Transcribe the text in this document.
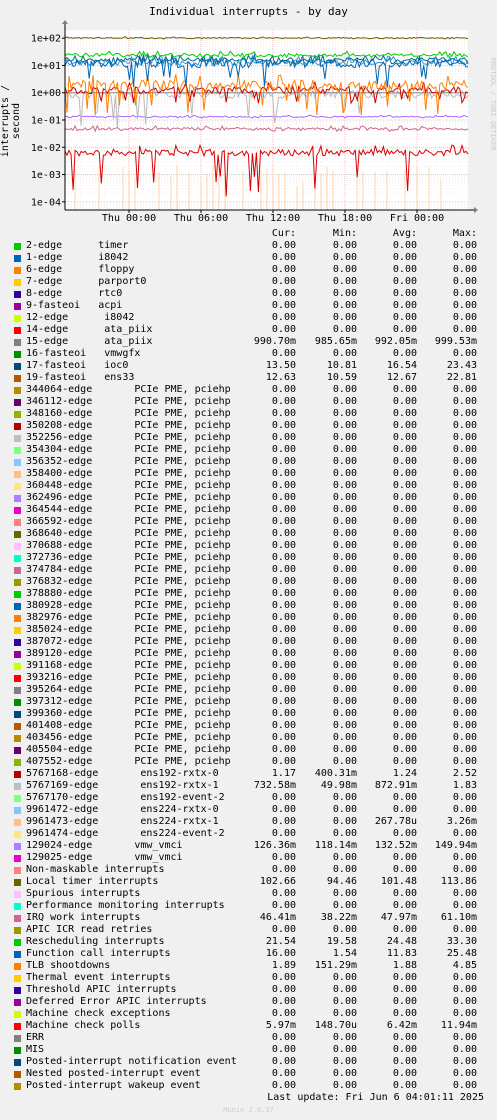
Individual interrupts - by day
interrupts / second	RRDTOOL / TOBI OETIKER
1e+02
1e+01
1e+00
1e-01
1e-02
1e-03
1e-04
Thu 00:00 Thu 06:00 Thu 12:00 Thu 18:00 Fri 00:00
Cur:	Min:	Avg:	Max:
2-edge      timer	0.00	0.00	0.00	0.00
1-edge      i8042	0.00	0.00	0.00	0.00
6-edge      floppy	0.00	0.00	0.00	0.00
7-edge      parport0	0.00	0.00	0.00	0.00
8-edge      rtc0	0.00	0.00	0.00	0.00
9-fasteoi   acpi	0.00	0.00	0.00	0.00
12-edge      i8042	0.00	0.00	0.00	0.00
14-edge      ata_piix	0.00	0.00	0.00	0.00
15-edge      ata_piix	990.70m	985.65m	992.05m	999.53m
16-fasteoi   vmwgfx	0.00	0.00	0.00	0.00
17-fasteoi   ioc0	13.50	10.81	16.54	23.43
19-fasteoi   ens33	12.63	10.59	12.67	22.81
344064-edge       PCIe PME, pciehp	0.00	0.00	0.00	0.00
346112-edge       PCIe PME, pciehp	0.00	0.00	0.00	0.00
348160-edge       PCIe PME, pciehp	0.00	0.00	0.00	0.00
350208-edge       PCIe PME, pciehp	0.00	0.00	0.00	0.00
352256-edge       PCIe PME, pciehp	0.00	0.00	0.00	0.00
354304-edge       PCIe PME, pciehp	0.00	0.00	0.00	0.00
356352-edge       PCIe PME, pciehp	0.00	0.00	0.00	0.00
358400-edge       PCIe PME, pciehp	0.00	0.00	0.00	0.00
360448-edge       PCIe PME, pciehp	0.00	0.00	0.00	0.00
362496-edge       PCIe PME, pciehp	0.00	0.00	0.00	0.00
364544-edge       PCIe PME, pciehp	0.00	0.00	0.00	0.00
366592-edge       PCIe PME, pciehp	0.00	0.00	0.00	0.00
368640-edge       PCIe PME, pciehp	0.00	0.00	0.00	0.00
370688-edge       PCIe PME, pciehp	0.00	0.00	0.00	0.00
372736-edge       PCIe PME, pciehp	0.00	0.00	0.00	0.00
374784-edge       PCIe PME, pciehp	0.00	0.00	0.00	0.00
376832-edge       PCIe PME, pciehp	0.00	0.00	0.00	0.00
378880-edge       PCIe PME, pciehp	0.00	0.00	0.00	0.00
380928-edge       PCIe PME, pciehp	0.00	0.00	0.00	0.00
382976-edge       PCIe PME, pciehp	0.00	0.00	0.00	0.00
385024-edge       PCIe PME, pciehp	0.00	0.00	0.00	0.00
387072-edge       PCIe PME, pciehp	0.00	0.00	0.00	0.00
389120-edge       PCIe PME, pciehp	0.00	0.00	0.00	0.00
391168-edge       PCIe PME, pciehp	0.00	0.00	0.00	0.00
393216-edge       PCIe PME, pciehp	0.00	0.00	0.00	0.00
395264-edge       PCIe PME, pciehp	0.00	0.00	0.00	0.00
397312-edge       PCIe PME, pciehp	0.00	0.00	0.00	0.00
399360-edge       PCIe PME, pciehp	0.00	0.00	0.00	0.00
401408-edge       PCIe PME, pciehp	0.00	0.00	0.00	0.00
403456-edge       PCIe PME, pciehp	0.00	0.00	0.00	0.00
405504-edge       PCIe PME, pciehp	0.00	0.00	0.00	0.00
407552-edge       PCIe PME, pciehp	0.00	0.00	0.00	0.00
5767168-edge       ens192-rxtx-0	1.17	400.31m	1.24	2.52
5767169-edge       ens192-rxtx-1	732.58m	49.98m	872.91m	1.83
5767170-edge       ens192-event-2	0.00	0.00	0.00	0.00
9961472-edge       ens224-rxtx-0	0.00	0.00	0.00	0.00
9961473-edge       ens224-rxtx-1	0.00	0.00	267.78u	3.26m
9961474-edge       ens224-event-2	0.00	0.00	0.00	0.00
129024-edge       vmw_vmci	126.36m	118.14m	132.52m	149.94m
129025-edge       vmw_vmci	0.00	0.00	0.00	0.00
Non-maskable interrupts	0.00	0.00	0.00	0.00
Local timer interrupts	102.66	94.46	101.48	113.86
Spurious interrupts	0.00	0.00	0.00	0.00
Performance monitoring interrupts	0.00	0.00	0.00	0.00
IRQ work interrupts	46.41m	38.22m	47.97m	61.10m
APIC ICR read retries	0.00	0.00	0.00	0.00
Rescheduling interrupts	21.54	19.58	24.48	33.30
Function call interrupts	16.00	1.54	11.83	25.48
TLB shootdowns	1.89	151.29m	1.88	4.85
Thermal event interrupts	0.00	0.00	0.00	0.00
Threshold APIC interrupts	0.00	0.00	0.00	0.00
Deferred Error APIC interrupts	0.00	0.00	0.00	0.00
Machine check exceptions	0.00	0.00	0.00	0.00
Machine check polls	5.97m	148.70u	6.42m	11.94m
ERR	0.00	0.00	0.00	0.00
MIS	0.00	0.00	0.00	0.00
Posted-interrupt notification event	0.00	0.00	0.00	0.00
Nested posted-interrupt event	0.00	0.00	0.00	0.00
Posted-interrupt wakeup event	0.00	0.00	0.00	0.00
Last update: Fri Jun 6 04:01:11 2025
Munin 2.0.37
